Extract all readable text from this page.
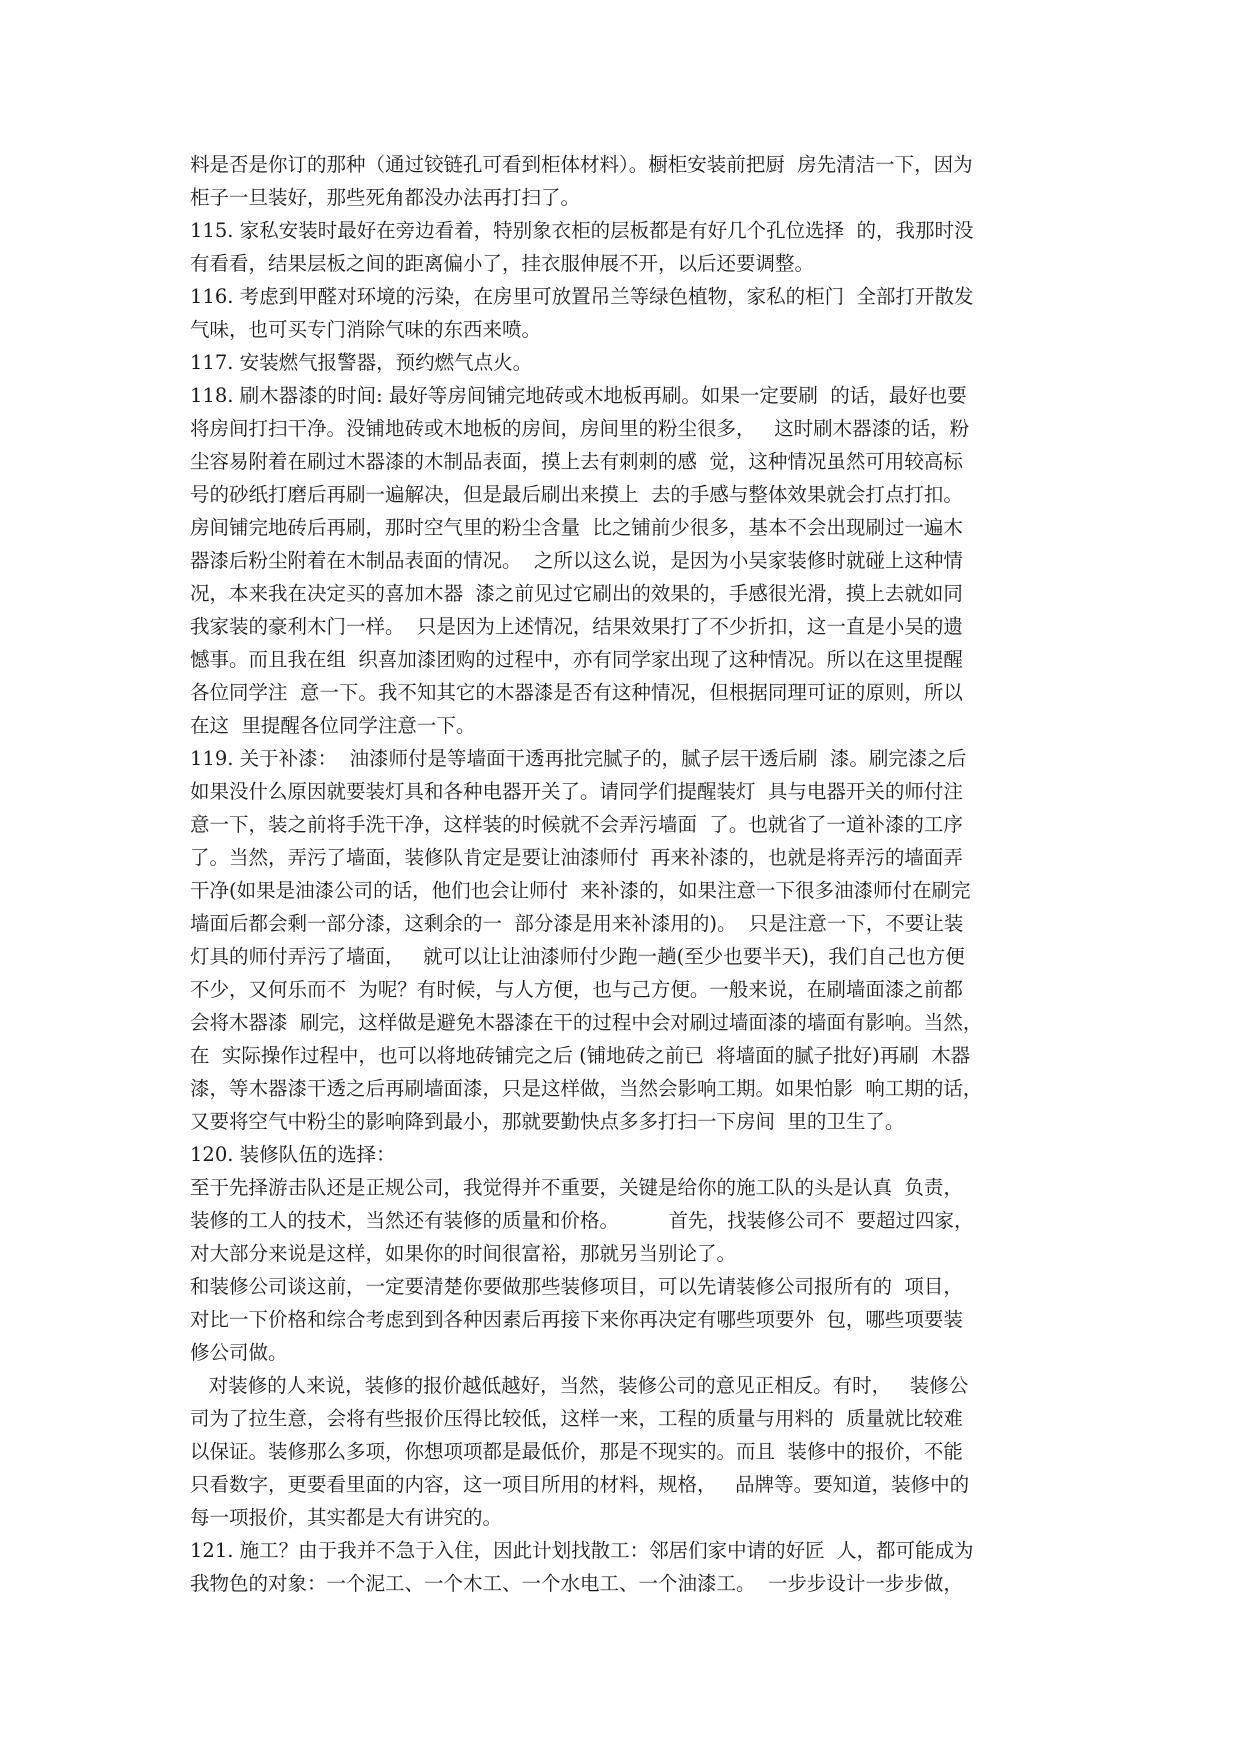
料是否是你订的那种（通过铰链孔可看到柜体材料）。橱柜安装前把厨  房先清洁一下，因为
柜子一旦装好，那些死角都没办法再打扫了。
115. 家私安装时最好在旁边看着，特别象衣柜的层板都是有好几个孔位选择  的，我那时没
有看看，结果层板之间的距离偏小了，挂衣服伸展不开，以后还要调整。
116. 考虑到甲醛对环境的污染，在房里可放置吊兰等绿色植物，家私的柜门  全部打开散发
气味，也可买专门消除气味的东西来喷。
117. 安装燃气报警器，预约燃气点火。
118. 刷木器漆的时间: 最好等房间铺完地砖或木地板再刷。如果一定要刷  的话，最好也要
将房间打扫干净。没铺地砖或木地板的房间，房间里的粉尘很多，   这时刷木器漆的话，粉
尘容易附着在刷过木器漆的木制品表面，摸上去有刺刺的感  觉，这种情况虽然可用较高标
号的砂纸打磨后再刷一遍解决，但是最后刷出来摸上  去的手感与整体效果就会打点打扣。
房间铺完地砖后再刷，那时空气里的粉尘含量  比之铺前少很多，基本不会出现刷过一遍木
器漆后粉尘附着在木制品表面的情况。  之所以这么说，是因为小吴家装修时就碰上这种情
况，本来我在决定买的喜加木器  漆之前见过它刷出的效果的，手感很光滑，摸上去就如同
我家装的豪利木门一样。  只是因为上述情况，结果效果打了不少折扣，这一直是小吴的遗
憾事。而且我在组  织喜加漆团购的过程中，亦有同学家出现了这种情况。所以在这里提醒
各位同学注  意一下。我不知其它的木器漆是否有这种情况，但根据同理可证的原则，所以
在这  里提醒各位同学注意一下。
119. 关于补漆：  油漆师付是等墙面干透再批完腻子的，腻子层干透后刷  漆。刷完漆之后
如果没什么原因就要装灯具和各种电器开关了。请同学们提醒装灯  具与电器开关的师付注
意一下，装之前将手洗干净，这样装的时候就不会弄污墙面  了。也就省了一道补漆的工序
了。当然，弄污了墙面，装修队肯定是要让油漆师付  再来补漆的，也就是将弄污的墙面弄
干净(如果是油漆公司的话，他们也会让师付  来补漆的，如果注意一下很多油漆师付在刷完
墙面后都会剩一部分漆，这剩余的一  部分漆是用来补漆用的)。  只是注意一下，不要让装
灯具的师付弄污了墙面，   就可以让让油漆师付少跑一趟(至少也要半天)，我们自己也方便
不少，又何乐而不  为呢？有时候，与人方便，也与己方便。一般来说，在刷墙面漆之前都
会将木器漆  刷完，这样做是避免木器漆在干的过程中会对刷过墙面漆的墙面有影响。当然，
在  实际操作过程中，也可以将地砖铺完之后 (铺地砖之前已  将墙面的腻子批好)再刷  木器
漆，等木器漆干透之后再刷墙面漆，只是这样做，当然会影响工期。如果怕影  响工期的话，
又要将空气中粉尘的影响降到最小，那就要勤快点多多打扫一下房间  里的卫生了。
120. 装修队伍的选择：
至于先择游击队还是正规公司，我觉得并不重要，关键是给你的施工队的头是认真  负责，
装修的工人的技术，当然还有装修的质量和价格。        首先，找装修公司不  要超过四家，
对大部分来说是这样，如果你的时间很富裕，那就另当别论了。
和装修公司谈这前，一定要清楚你要做那些装修项目，可以先请装修公司报所有的  项目，
对比一下价格和综合考虑到到各种因素后再接下来你再决定有哪些项要外  包，哪些项要装
修公司做。
对装修的人来说，装修的报价越低越好，当然，装修公司的意见正相反。有时，   装修公
司为了拉生意，会将有些报价压得比较低，这样一来，工程的质量与用料的  质量就比较难
以保证。装修那么多项，你想项项都是最低价，那是不现实的。而且  装修中的报价，不能
只看数字，更要看里面的内容，这一项目所用的材料，规格，   品牌等。要知道，装修中的
每一项报价，其实都是大有讲究的。
121. 施工？由于我并不急于入住，因此计划找散工：邻居们家中请的好匠  人，都可能成为
我物色的对象：一个泥工、一个木工、一个水电工、一个油漆工。  一步步设计一步步做，
